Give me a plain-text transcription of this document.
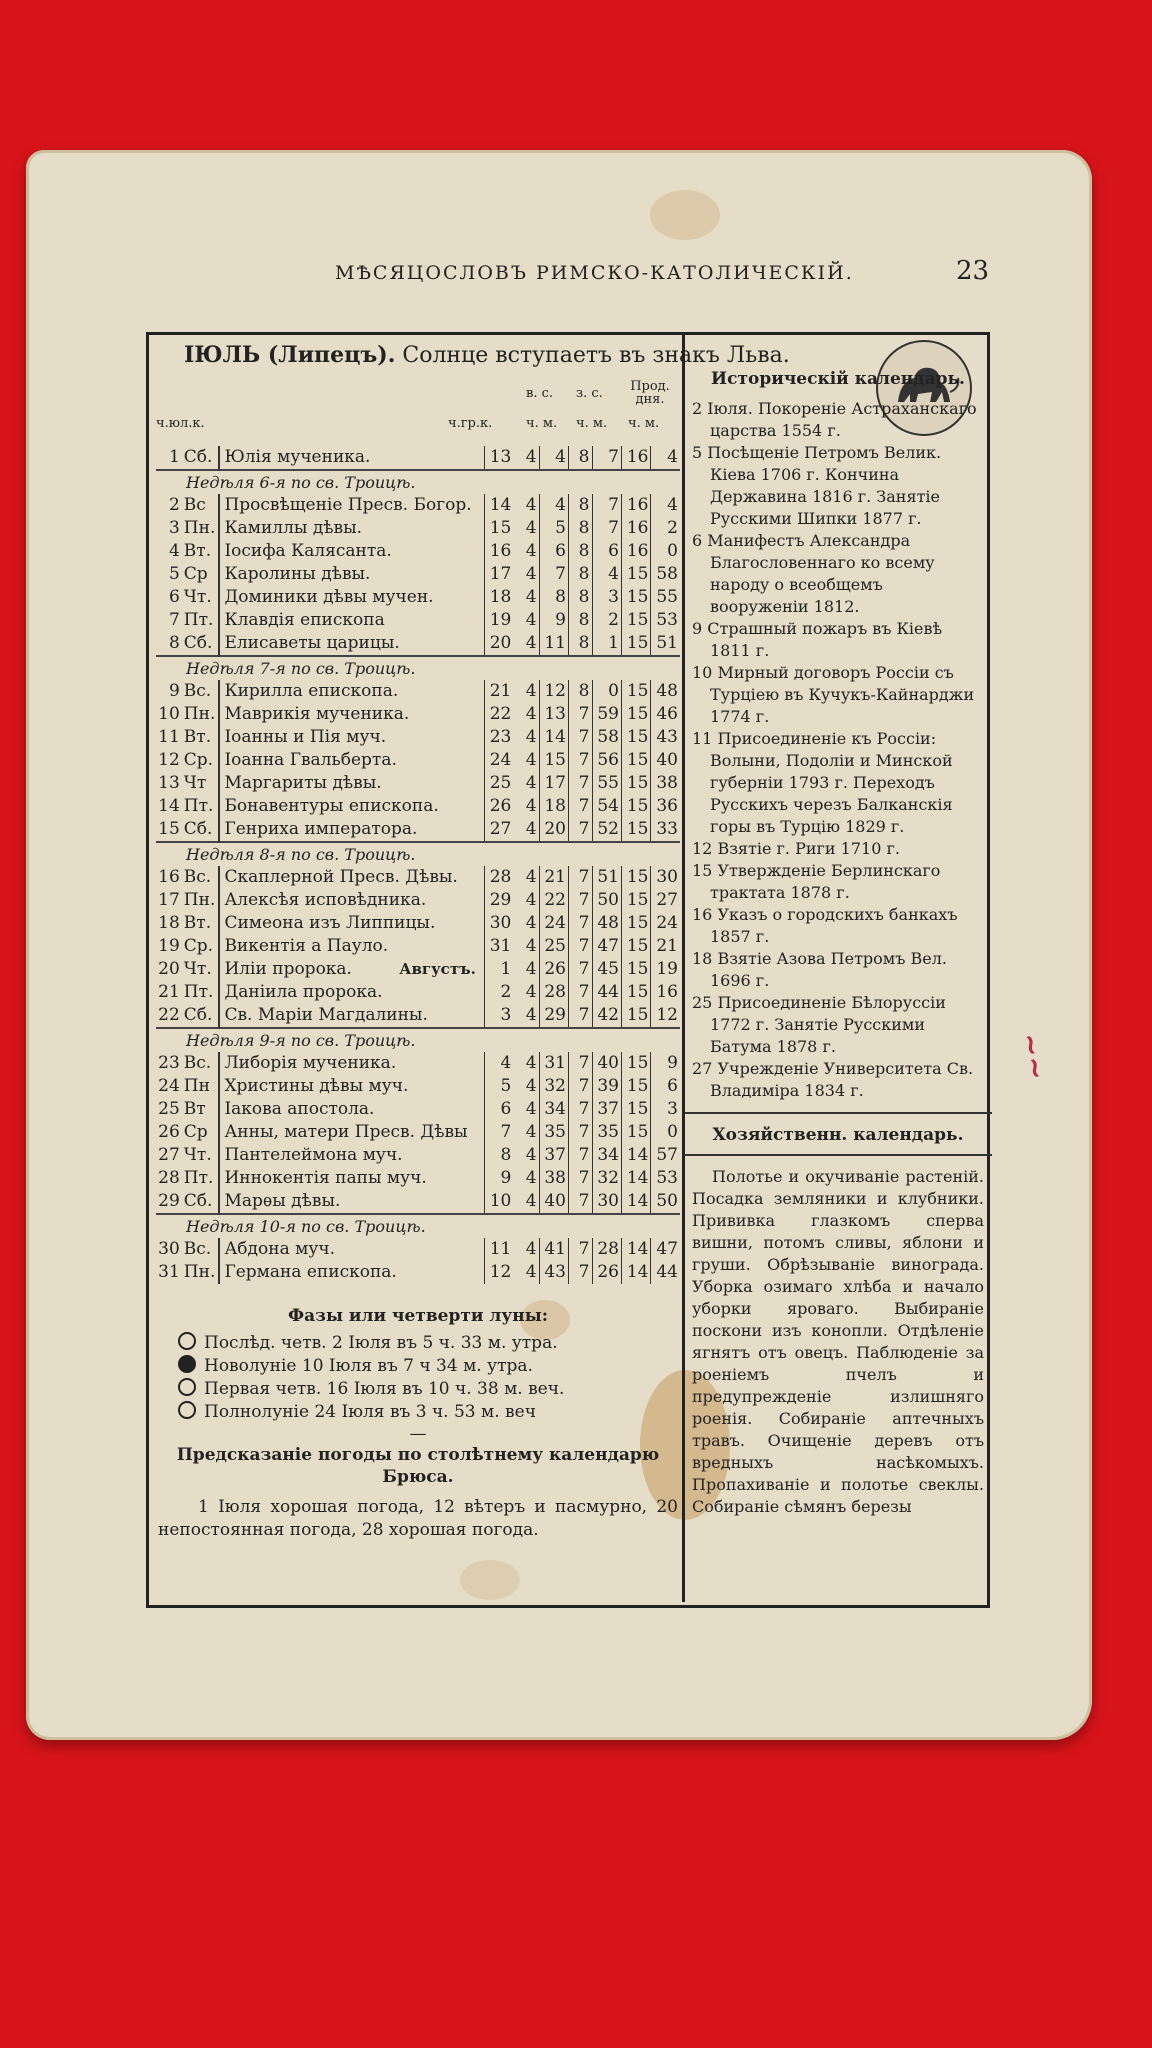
~~
МѢСЯЦОСЛОВЪ РИМСКО-КАТОЛИЧЕСКІЙ.	23
ІЮЛЬ (Липецъ). Солнце вступаетъ въ знакъ Льва.
ч.юл.к.	ч.гр.к.
в. с. з. с.	Прод. дня.
ч. м. ч. м. ч. м.
1	Сб.	Юлія мученика.	13	4	4	8	7	16	4
Недѣля 6-я по св. Троицѣ.									
2	Вс	Просвѣщеніе Пресв. Богор.	14	4	4	8	7	16	4
3	Пн.	Камиллы дѣвы.	15	4	5	8	7	16	2
4	Вт.	Іосифа Калясанта.	16	4	6	8	6	16	0
5	Ср	Каролины дѣвы.	17	4	7	8	4	15	58
6	Чт.	Доминики дѣвы мучен.	18	4	8	8	3	15	55
7	Пт.	Клавдія епископа	19	4	9	8	2	15	53
8	Сб.	Елисаветы царицы.	20	4	11	8	1	15	51
Недѣля 7-я по св. Троицѣ.									
9	Вс.	Кирилла епископа.	21	4	12	8	0	15	48
10	Пн.	Маврикія мученика.	22	4	13	7	59	15	46
11	Вт.	Іоанны и Пія муч.	23	4	14	7	58	15	43
12	Ср.	Іоанна Гвальберта.	24	4	15	7	56	15	40
13	Чт	Маргариты дѣвы.	25	4	17	7	55	15	38
14	Пт.	Бонавентуры епископа.	26	4	18	7	54	15	36
15	Сб.	Генриха императора.	27	4	20	7	52	15	33
Недѣля 8-я по св. Троицѣ.									
16	Вс.	Скаплерной Пресв. Дѣвы.	28	4	21	7	51	15	30
17	Пн.	Алексѣя исповѣдника.	29	4	22	7	50	15	27
18	Вт.	Симеона изъ Липпицы.	30	4	24	7	48	15	24
19	Ср.	Викентія а Пауло.	31	4	25	7	47	15	21
20	Чт.	Иліи пророка. Августъ.	1	4	26	7	45	15	19
21	Пт.	Даніила пророка.	2	4	28	7	44	15	16
22	Сб.	Св. Маріи Магдалины.	3	4	29	7	42	15	12
Недѣля 9-я по св. Троицѣ.									
23	Вс.	Либорія мученика.	4	4	31	7	40	15	9
24	Пн	Христины дѣвы муч.	5	4	32	7	39	15	6
25	Вт	Іакова апостола.	6	4	34	7	37	15	3
26	Ср	Анны, матери Пресв. Дѣвы	7	4	35	7	35	15	0
27	Чт.	Пантелеймона муч.	8	4	37	7	34	14	57
28	Пт.	Иннокентія папы муч.	9	4	38	7	32	14	53
29	Сб.	Марѳы дѣвы.	10	4	40	7	30	14	50
Недѣля 10-я по св. Троицѣ.									
30	Вс.	Абдона муч.	11	4	41	7	28	14	47
31	Пн.	Германа епископа.	12	4	43	7	26	14	44
Фазы или четверти луны:
Послѣд. четв. 2 Іюля въ 5 ч. 33 м. утра.
Новолуніе 10 Іюля въ 7 ч 34 м. утра.
Первая четв. 16 Іюля въ 10 ч. 38 м. веч.
Полнолуніе 24 Іюля въ 3 ч. 53 м. веч
—
Предсказаніе погоды по столѣтнему календарю Брюса.

1 Іюля хорошая погода, 12 вѣтеръ и пасмурно, 20 непостоянная погода, 28 хорошая погода.

Историческій календарь.
2 Іюля. Покореніе Астраханскаго царства 1554 г.
5 Посѣщеніе Петромъ Велик. Кіева 1706 г. Кончина Державина 1816 г. Занятіе Русскими Шипки 1877 г.
6 Манифестъ Александра Благословеннаго ко всему народу о всеобщемъ вооруженіи 1812.
9 Страшный пожаръ въ Кіевѣ 1811 г.
10 Мирный договоръ Россіи съ Турціею въ Кучукъ-Кайнарджи 1774 г.
11 Присоединеніе къ Россіи: Волыни, Подоліи и Минской губерніи 1793 г. Переходъ Русскихъ черезъ Балканскія горы въ Турцію 1829 г.
12 Взятіе г. Риги 1710 г.
15 Утвержденіе Берлинскаго трактата 1878 г.
16 Указъ о городскихъ банкахъ 1857 г.
18 Взятіе Азова Петромъ Вел. 1696 г.
25 Присоединеніе Бѣлоруссіи 1772 г. Занятіе Русскими Батума 1878 г.
27 Учрежденіе Университета Св. Владиміра 1834 г.
Хозяйственн. календарь.

Полотье и окучиваніе растеній. Посадка земляники и клубники. Прививка глазкомъ сперва вишни, потомъ сливы, яблони и груши. Обрѣзываніе винограда. Уборка озимаго хлѣба и начало уборки яроваго. Выбираніе поскони изъ конопли. Отдѣленіе ягнятъ отъ овецъ. Паблюденіе за роеніемъ пчелъ и предупрежденіе излишняго роенія. Собираніе аптечныхъ травъ. Очищеніе деревъ отъ вредныхъ насѣкомыхъ. Пропахиваніе и полотье свеклы. Собираніе сѣмянъ березы
